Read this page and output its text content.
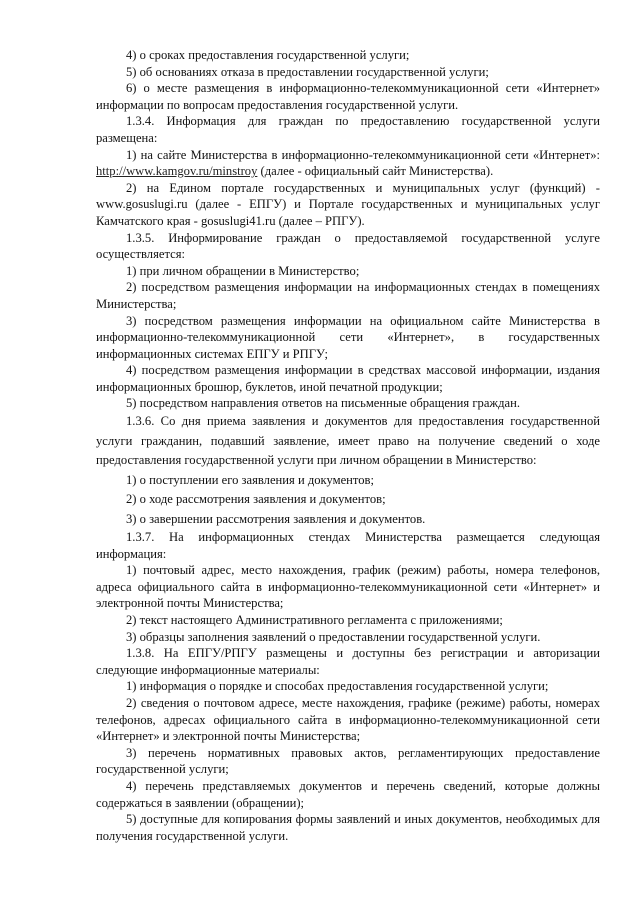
4) о сроках предоставления государственной услуги;

5) об основаниях отказа в предоставлении государственной услуги;

6) о месте размещения в информационно-телекоммуникационной сети «Интернет» информации по вопросам предоставления государственной услуги.

1.3.4. Информация для граждан по предоставлению государственной услуги размещена:

1) на сайте Министерства в информационно-телекоммуникационной сети «Интернет»: http://www.kamgov.ru/minstroy (далее - официальный сайт Министерства).

2) на Едином портале государственных и муниципальных услуг (функций) - www.gosuslugi.ru (далее - ЕПГУ) и Портале государственных и муниципальных услуг Камчатского края - gosuslugi41.ru (далее – РПГУ).

1.3.5. Информирование граждан о предоставляемой государственной услуге осуществляется:

1) при личном обращении в Министерство;

2) посредством размещения информации на информационных стендах в помещениях Министерства;

3) посредством размещения информации на официальном сайте Министерства в информационно-телекоммуникационной сети «Интернет», в государственных информационных системах ЕПГУ и РПГУ;

4) посредством размещения информации в средствах массовой информации, издания информационных брошюр, буклетов, иной печатной продукции;

5) посредством направления ответов на письменные обращения граждан.

1.3.6. Со дня приема заявления и документов для предоставления государственной услуги гражданин, подавший заявление, имеет право на получение сведений о ходе предоставления государственной услуги при личном обращении в Министерство:

1) о поступлении его заявления и документов;

2) о ходе рассмотрения заявления и документов;

3) о завершении рассмотрения заявления и документов.

1.3.7. На информационных стендах Министерства размещается следующая информация:

1) почтовый адрес, место нахождения, график (режим) работы, номера телефонов, адреса официального сайта в информационно-телекоммуникационной сети «Интернет» и электронной почты Министерства;

2) текст настоящего Административного регламента с приложениями;

3) образцы заполнения заявлений о предоставлении государственной услуги.

1.3.8. На ЕПГУ/РПГУ размещены и доступны без регистрации и авторизации следующие информационные материалы:

1) информация о порядке и способах предоставления государственной услуги;

2) сведения о почтовом адресе, месте нахождения, графике (режиме) работы, номерах телефонов, адресах официального сайта в информационно-телекоммуникационной сети «Интернет» и электронной почты Министерства;

3) перечень нормативных правовых актов, регламентирующих предоставление государственной услуги;

4) перечень представляемых документов и перечень сведений, которые должны содержаться в заявлении (обращении);

5) доступные для копирования формы заявлений и иных документов, необходимых для получения государственной услуги.
